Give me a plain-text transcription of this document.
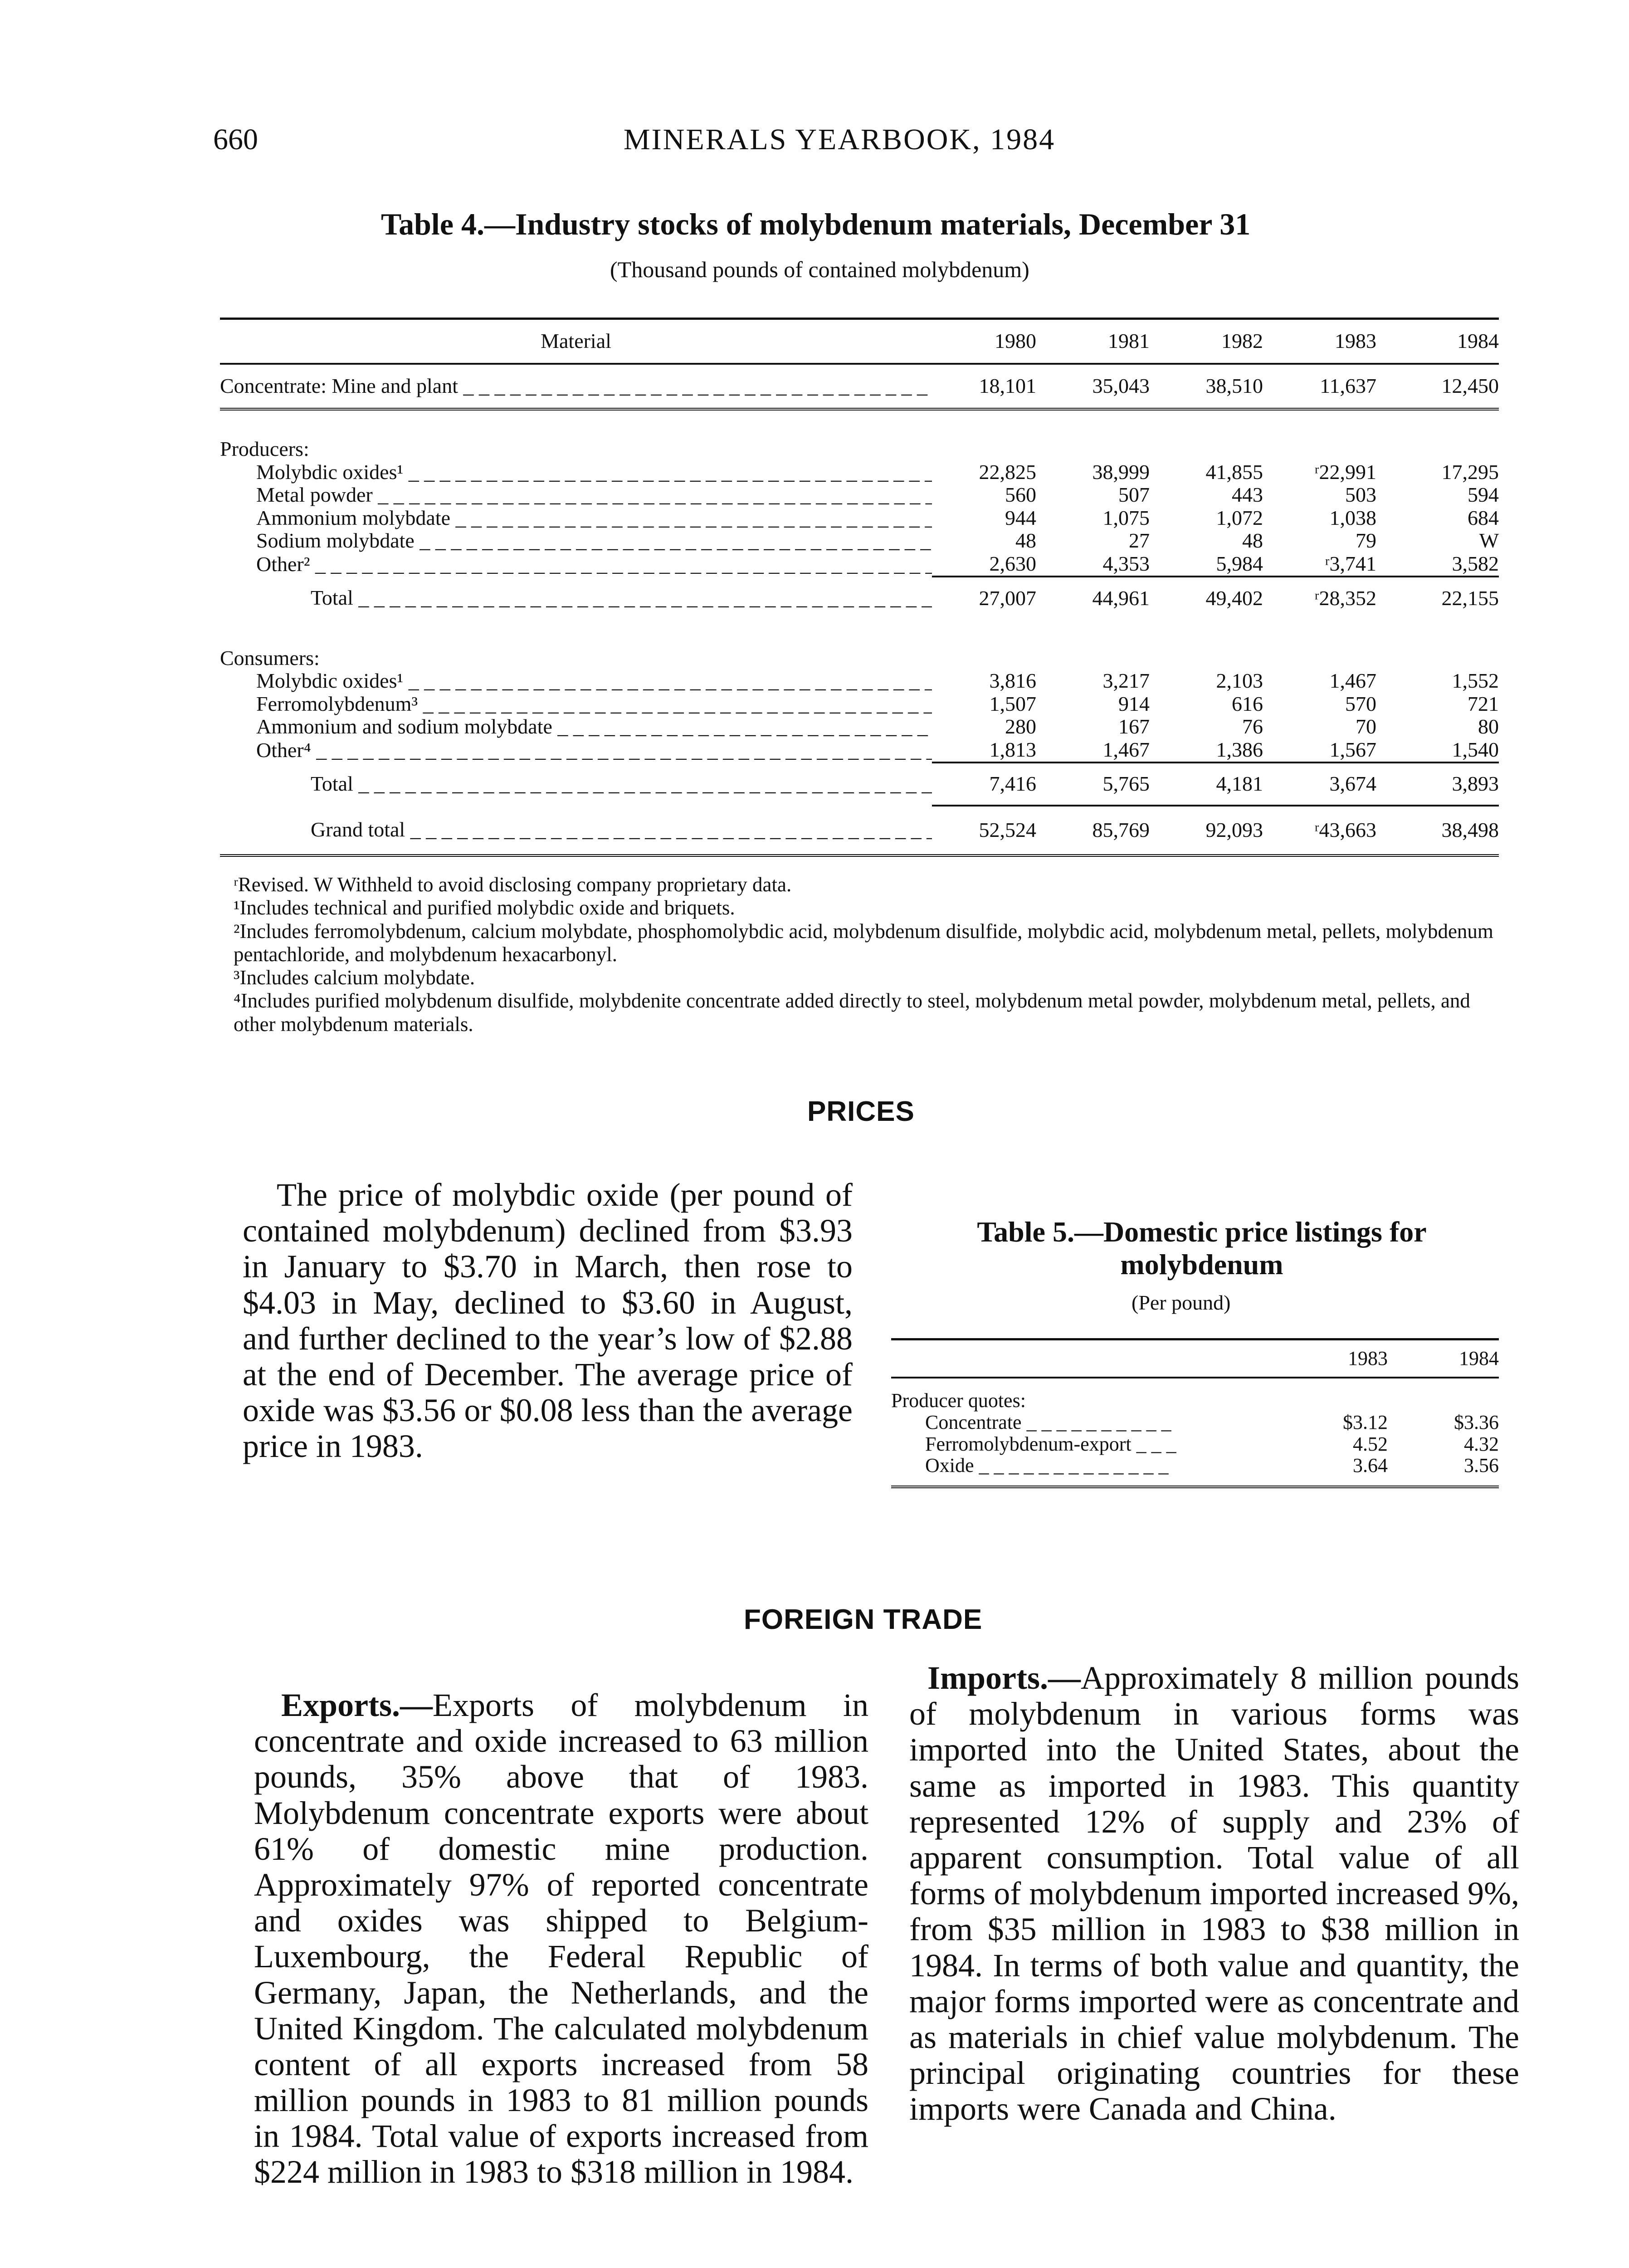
660	MINERALS YEARBOOK, 1984
Table 4.—Industry stocks of molybdenum materials, December 31
(Thousand pounds of contained molybdenum)
Material	1980	1981	1982	1983	1984
Concentrate: Mine and plant _ _ _	18,101	35,043	38,510	11,637	12,450

Producers:					
Molybdic oxides¹ _ _ _	22,825	38,999	41,855	ʳ22,991	17,295
Metal powder _ _ _	560	507	443	503	594
Ammonium molybdate _ _ _	944	1,075	1,072	1,038	684
Sodium molybdate _ _ _	48	27	48	79	W
Other² _ _ _	2,630	4,353	5,984	ʳ3,741	3,582
Total _ _ _	27,007	44,961	49,402	ʳ28,352	22,155

Consumers:					
Molybdic oxides¹ _ _ _	3,816	3,217	2,103	1,467	1,552
Ferromolybdenum³ _ _ _	1,507	914	616	570	721
Ammonium and sodium molybdate _ _ _	280	167	76	70	80
Other⁴ _ _ _	1,813	1,467	1,386	1,567	1,540
Total _ _ _	7,416	5,765	4,181	3,674	3,893
Grand total _ _ _	52,524	85,769	92,093	ʳ43,663	38,498

ʳRevised. W Withheld to avoid disclosing company proprietary data.

¹Includes technical and purified molybdic oxide and briquets.

²Includes ferromolybdenum, calcium molybdate, phosphomolybdic acid, molybdenum disulfide, molybdic acid, molybdenum metal, pellets, molybdenum pentachloride, and molybdenum hexacarbonyl.

³Includes calcium molybdate.

⁴Includes purified molybdenum disulfide, molybdenite concentrate added directly to steel, molybdenum metal powder, molybdenum metal, pellets, and other molybdenum materials.

PRICES

The price of molybdic oxide (per pound of contained molybdenum) declined from $3.93 in January to $3.70 in March, then rose to $4.03 in May, declined to $3.60 in August, and further declined to the year’s low of $2.88 at the end of December. The average price of oxide was $3.56 or $0.08 less than the average price in 1983.

Table 5.—Domestic price listings for molybdenum
(Per pound)
	1983	1984
Producer quotes:		
Concentrate _ _ _ _ _ _ _ _ _ _	$3.12	$3.36
Ferromolybdenum-export _ _ _	4.52	4.32
Oxide _ _ _ _ _ _ _ _ _ _ _ _ _	3.64	3.56

FOREIGN TRADE

Exports.—Exports of molybdenum in concentrate and oxide increased to 63 million pounds, 35% above that of 1983. Molybdenum concentrate exports were about 61% of domestic mine production. Approximately 97% of reported concentrate and oxides was shipped to Belgium-Luxembourg, the Federal Republic of Germany, Japan, the Netherlands, and the United Kingdom. The calculated molybdenum content of all exports increased from 58 million pounds in 1983 to 81 million pounds in 1984. Total value of exports increased from $224 million in 1983 to $318 million in 1984.

Imports.—Approximately 8 million pounds of molybdenum in various forms was imported into the United States, about the same as imported in 1983. This quantity represented 12% of supply and 23% of apparent consumption. Total value of all forms of molybdenum imported increased 9%, from $35 million in 1983 to $38 million in 1984. In terms of both value and quantity, the major forms imported were as concentrate and as materials in chief value molybdenum. The principal originating countries for these imports were Canada and China.
